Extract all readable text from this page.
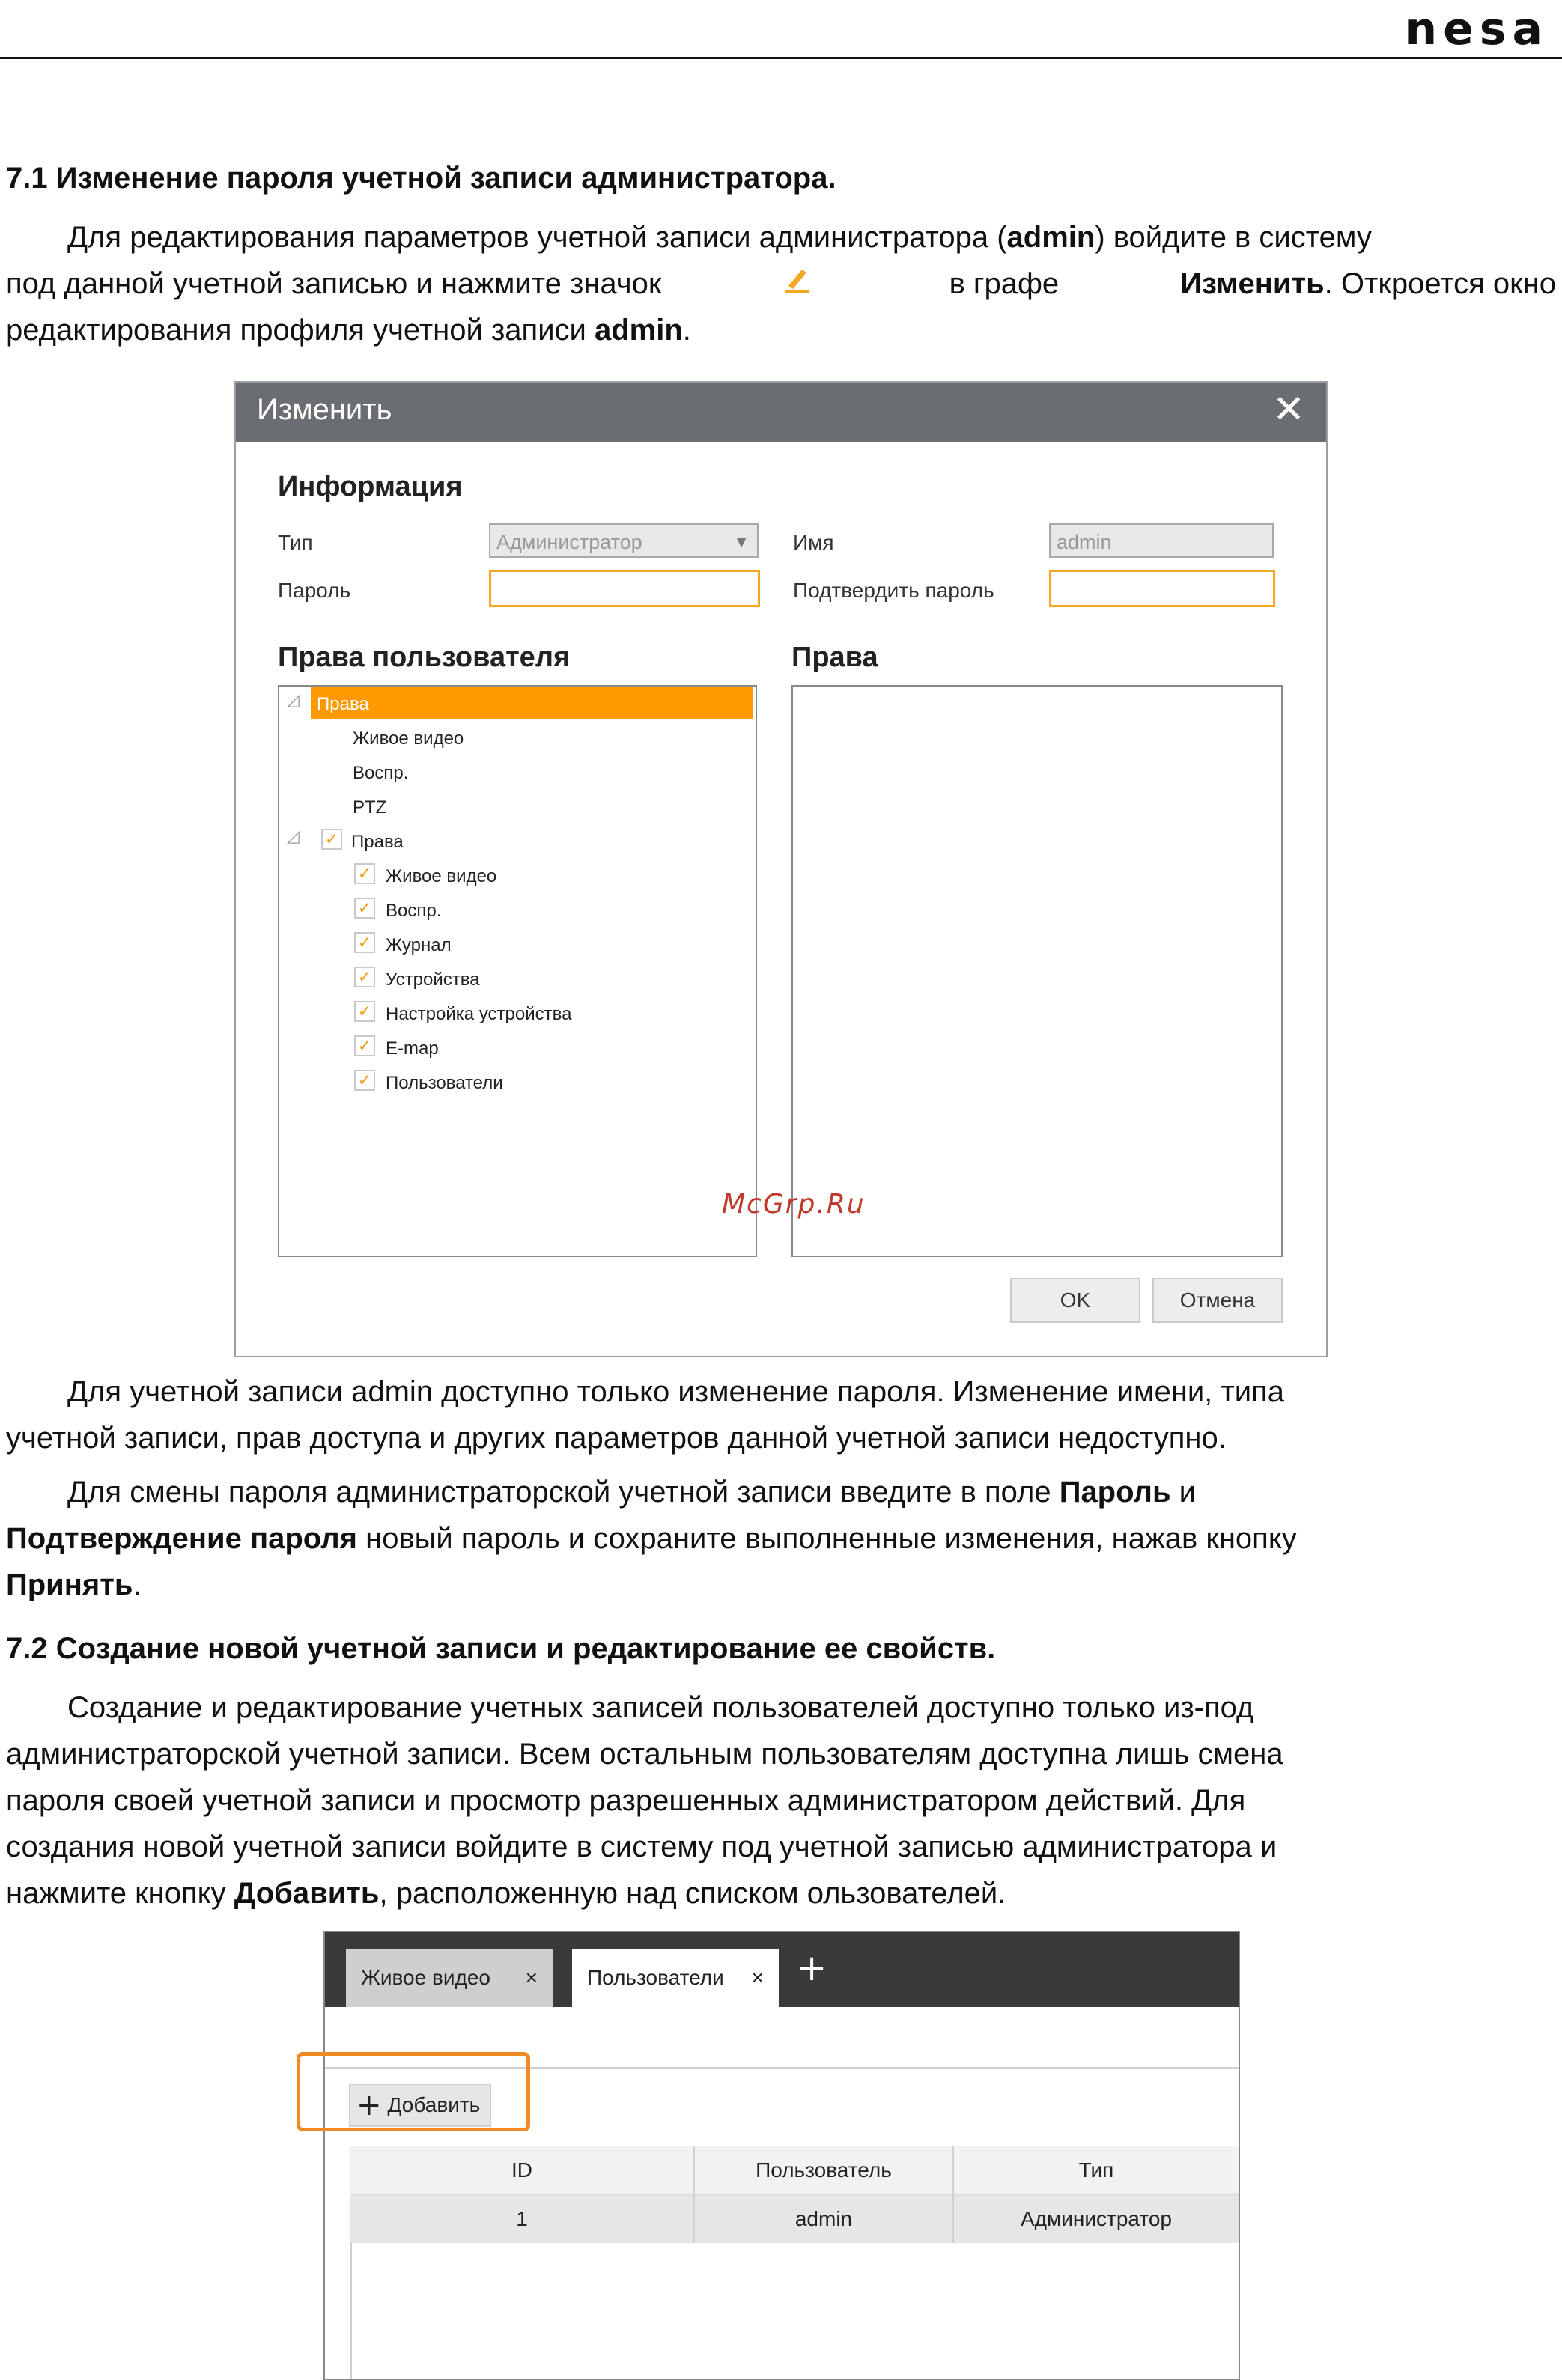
nesa
7.1 Изменение пароля учетной записи администратора.
Для редактирования параметров учетной записи администратора (admin) войдите в систему
под данной учетной записью и нажмите значок	в графе	Изменить. Откроется окно
редактирования профиля учетной записи admin.
Изменить	✕
Информация
Тип	Администратор	▼ Имя	admin
Пароль	Подтвердить пароль
Права пользователя	Права
◿ Права
Живое видео
Воспр.
PTZ
◿ ✓ Права
✓ Живое видео
✓ Воспр.
✓ Журнал
✓ Устройства
✓ Настройка устройства
✓ E-map
✓ Пользователи
OK	Отмена
McGrp.Ru
Для учетной записи admin доступно только изменение пароля. Изменение имени, типа
учетной записи, прав доступа и других параметров данной учетной записи недоступно.
Для смены пароля администраторской учетной записи введите в поле Пароль и
Подтверждение пароля новый пароль и сохраните выполненные изменения, нажав кнопку
Принять.
7.2 Создание новой учетной записи и редактирование ее свойств.
Создание и редактирование учетных записей пользователей доступно только из-под
администраторской учетной записи. Всем остальным пользователям доступна лишь смена
пароля своей учетной записи и просмотр разрешенных администратором действий. Для
создания новой учетной записи войдите в систему под учетной записью администратора и
нажмите кнопку Добавить, расположенную над списком ользователей.
Живое видео × Пользователи × +
+ Добавить
ID	Пользователь	Тип
1	admin	Администратор
